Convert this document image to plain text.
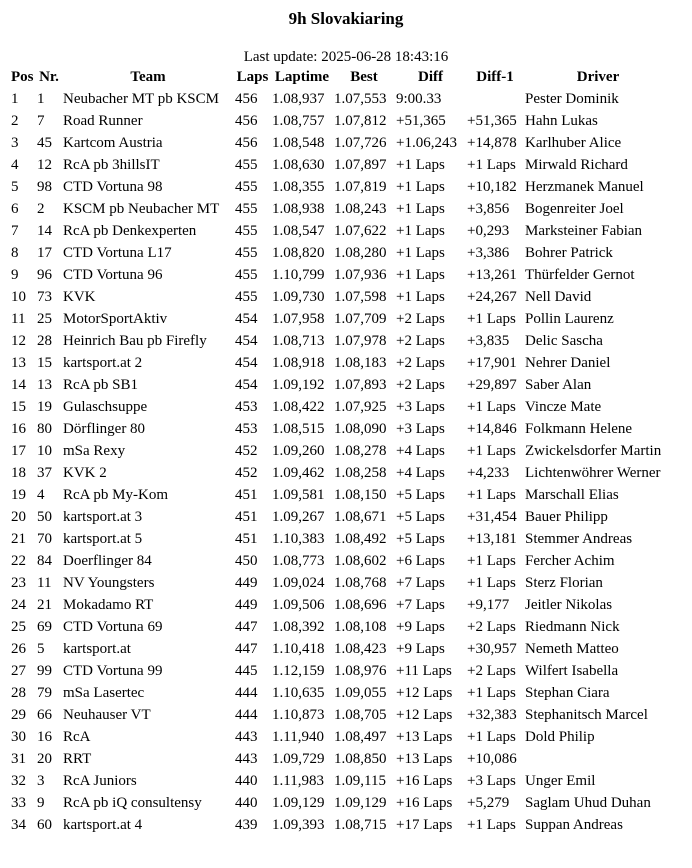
9h Slovakiaring
Last update: 2025-06-28 18:43:16
Pos	Nr.	Team	Laps	Laptime	Best	Diff	Diff-1	Driver
1	1	Neubacher MT pb KSCM	456	1.08,937	1.07,553	9:00.33		Pester Dominik
2	7	Road Runner	456	1.08,757	1.07,812	+51,365	+51,365	Hahn Lukas
3	45	Kartcom Austria	456	1.08,548	1.07,726	+1.06,243	+14,878	Karlhuber Alice
4	12	RcA pb 3hillsIT	455	1.08,630	1.07,897	+1 Laps	+1 Laps	Mirwald Richard
5	98	CTD Vortuna 98	455	1.08,355	1.07,819	+1 Laps	+10,182	Herzmanek Manuel
6	2	KSCM pb Neubacher MT	455	1.08,938	1.08,243	+1 Laps	+3,856	Bogenreiter Joel
7	14	RcA pb Denkexperten	455	1.08,547	1.07,622	+1 Laps	+0,293	Marksteiner Fabian
8	17	CTD Vortuna L17	455	1.08,820	1.08,280	+1 Laps	+3,386	Bohrer Patrick
9	96	CTD Vortuna 96	455	1.10,799	1.07,936	+1 Laps	+13,261	Thürfelder Gernot
10	73	KVK	455	1.09,730	1.07,598	+1 Laps	+24,267	Nell David
11	25	MotorSportAktiv	454	1.07,958	1.07,709	+2 Laps	+1 Laps	Pollin Laurenz
12	28	Heinrich Bau pb Firefly	454	1.08,713	1.07,978	+2 Laps	+3,835	Delic Sascha
13	15	kartsport.at 2	454	1.08,918	1.08,183	+2 Laps	+17,901	Nehrer Daniel
14	13	RcA pb SB1	454	1.09,192	1.07,893	+2 Laps	+29,897	Saber Alan
15	19	Gulaschsuppe	453	1.08,422	1.07,925	+3 Laps	+1 Laps	Vincze Mate
16	80	Dörflinger 80	453	1.08,515	1.08,090	+3 Laps	+14,846	Folkmann Helene
17	10	mSa Rexy	452	1.09,260	1.08,278	+4 Laps	+1 Laps	Zwickelsdorfer Martin
18	37	KVK 2	452	1.09,462	1.08,258	+4 Laps	+4,233	Lichtenwöhrer Werner
19	4	RcA pb My-Kom	451	1.09,581	1.08,150	+5 Laps	+1 Laps	Marschall Elias
20	50	kartsport.at 3	451	1.09,267	1.08,671	+5 Laps	+31,454	Bauer Philipp
21	70	kartsport.at 5	451	1.10,383	1.08,492	+5 Laps	+13,181	Stemmer Andreas
22	84	Doerflinger 84	450	1.08,773	1.08,602	+6 Laps	+1 Laps	Fercher Achim
23	11	NV Youngsters	449	1.09,024	1.08,768	+7 Laps	+1 Laps	Sterz Florian
24	21	Mokadamo RT	449	1.09,506	1.08,696	+7 Laps	+9,177	Jeitler Nikolas
25	69	CTD Vortuna 69	447	1.08,392	1.08,108	+9 Laps	+2 Laps	Riedmann Nick
26	5	kartsport.at	447	1.10,418	1.08,423	+9 Laps	+30,957	Nemeth Matteo
27	99	CTD Vortuna 99	445	1.12,159	1.08,976	+11 Laps	+2 Laps	Wilfert Isabella
28	79	mSa Lasertec	444	1.10,635	1.09,055	+12 Laps	+1 Laps	Stephan Ciara
29	66	Neuhauser VT	444	1.10,873	1.08,705	+12 Laps	+32,383	Stephanitsch Marcel
30	16	RcA	443	1.11,940	1.08,497	+13 Laps	+1 Laps	Dold Philip
31	20	RRT	443	1.09,729	1.08,850	+13 Laps	+10,086	
32	3	RcA Juniors	440	1.11,983	1.09,115	+16 Laps	+3 Laps	Unger Emil
33	9	RcA pb iQ consultensy	440	1.09,129	1.09,129	+16 Laps	+5,279	Saglam Uhud Duhan
34	60	kartsport.at 4	439	1.09,393	1.08,715	+17 Laps	+1 Laps	Suppan Andreas
